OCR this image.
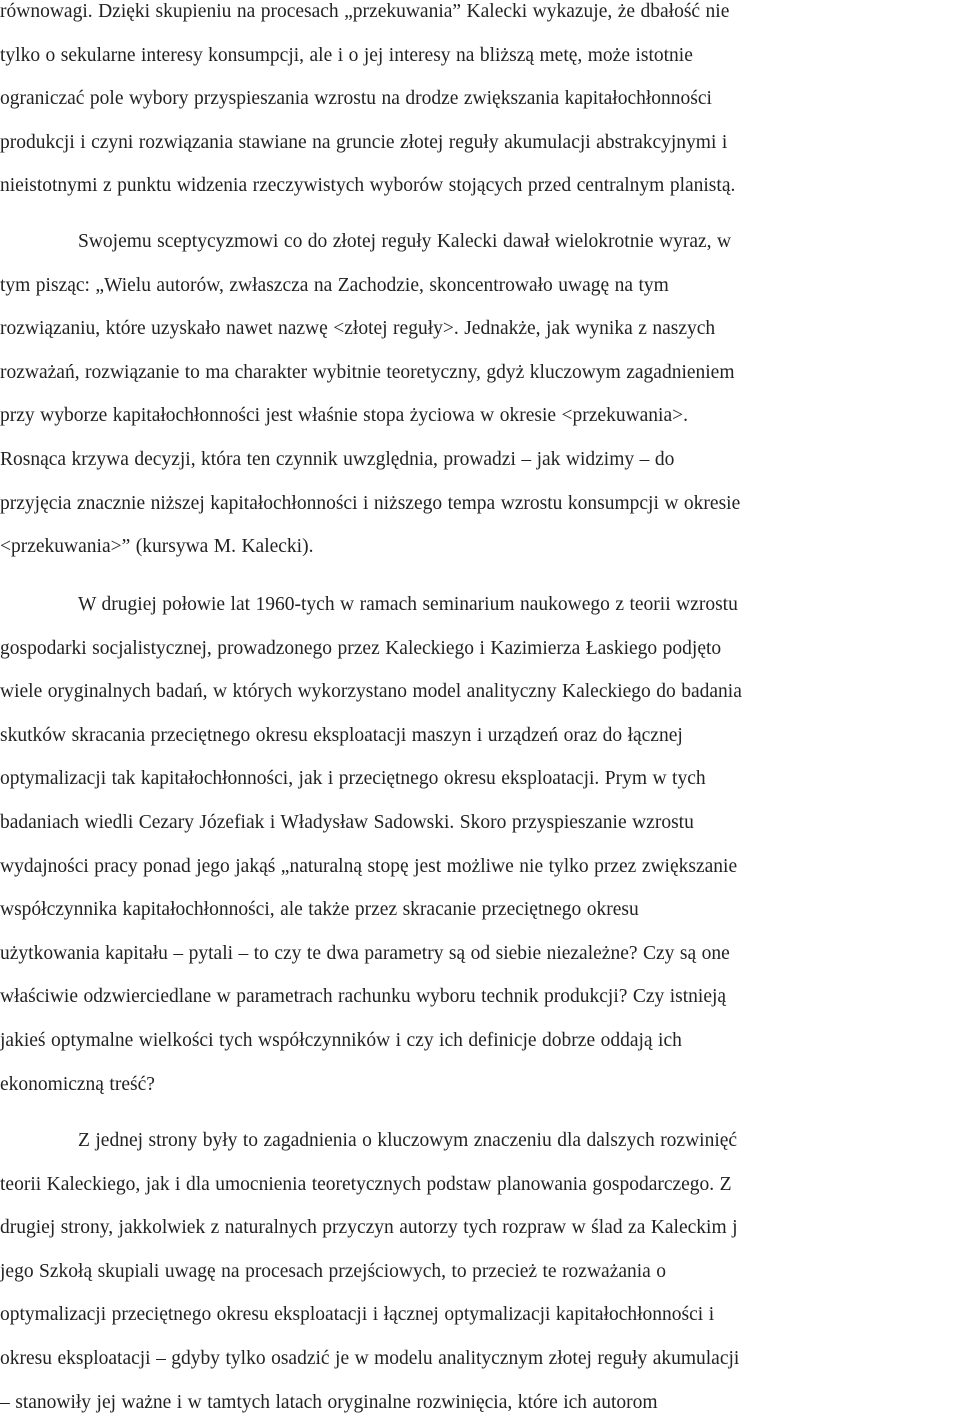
równowagi. Dzięki skupieniu na procesach „przekuwania” Kalecki wykazuje, że dbałość nie
tylko o sekularne interesy konsumpcji, ale i o jej interesy na bliższą metę, może istotnie
ograniczać pole wybory przyspieszania wzrostu na drodze zwiększania kapitałochłonności
produkcji i czyni rozwiązania stawiane na gruncie złotej reguły akumulacji abstrakcyjnymi i
nieistotnymi z punktu widzenia rzeczywistych wyborów stojących przed centralnym planistą.
Swojemu sceptycyzmowi co do złotej reguły Kalecki dawał wielokrotnie wyraz, w
tym pisząc: „Wielu autorów, zwłaszcza na Zachodzie, skoncentrowało uwagę na tym
rozwiązaniu, które uzyskało nawet nazwę <złotej reguły>. Jednakże, jak wynika z naszych
rozważań, rozwiązanie to ma charakter wybitnie teoretyczny, gdyż kluczowym zagadnieniem
przy wyborze kapitałochłonności jest właśnie stopa życiowa w okresie <przekuwania>.
Rosnąca krzywa decyzji, która ten czynnik uwzględnia, prowadzi – jak widzimy – do
przyjęcia znacznie niższej kapitałochłonności i niższego tempa wzrostu konsumpcji w okresie
<przekuwania>” (kursywa M. Kalecki).
W drugiej połowie lat 1960-tych w ramach seminarium naukowego z teorii wzrostu
gospodarki socjalistycznej, prowadzonego przez Kaleckiego i Kazimierza Łaskiego podjęto
wiele oryginalnych badań, w których wykorzystano model analityczny Kaleckiego do badania
skutków skracania przeciętnego okresu eksploatacji maszyn i urządzeń oraz do łącznej
optymalizacji tak kapitałochłonności, jak i przeciętnego okresu eksploatacji. Prym w tych
badaniach wiedli Cezary Józefiak i Władysław Sadowski. Skoro przyspieszanie wzrostu
wydajności pracy ponad jego jakąś „naturalną stopę jest możliwe nie tylko przez zwiększanie
współczynnika kapitałochłonności, ale także przez skracanie przeciętnego okresu
użytkowania kapitału – pytali – to czy te dwa parametry są od siebie niezależne? Czy są one
właściwie odzwierciedlane w parametrach rachunku wyboru technik produkcji? Czy istnieją
jakieś optymalne wielkości tych współczynników i czy ich definicje dobrze oddają ich
ekonomiczną treść?
Z jednej strony były to zagadnienia o kluczowym znaczeniu dla dalszych rozwinięć
teorii Kaleckiego, jak i dla umocnienia teoretycznych podstaw planowania gospodarczego. Z
drugiej strony, jakkolwiek z naturalnych przyczyn autorzy tych rozpraw w ślad za Kaleckim j
jego Szkołą skupiali uwagę na procesach przejściowych, to przecież te rozważania o
optymalizacji przeciętnego okresu eksploatacji i łącznej optymalizacji kapitałochłonności i
okresu eksploatacji – gdyby tylko osadzić je w modelu analitycznym złotej reguły akumulacji
– stanowiły jej ważne i w tamtych latach oryginalne rozwinięcia, które ich autorom
